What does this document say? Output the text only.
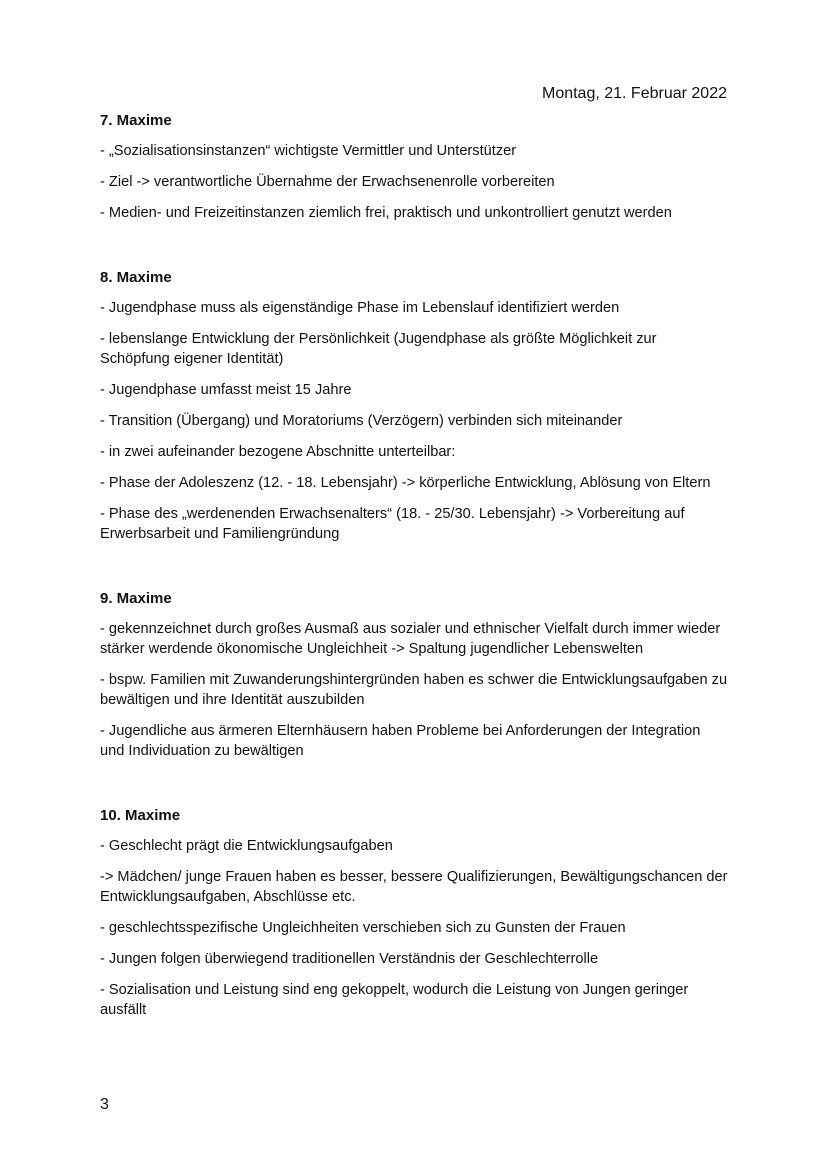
Montag, 21. Februar 2022
7. Maxime
- „Sozialisationsinstanzen“ wichtigste Vermittler und Unterstützer
- Ziel -> verantwortliche Übernahme der Erwachsenenrolle vorbereiten
- Medien- und Freizeitinstanzen ziemlich frei, praktisch und unkontrolliert genutzt werden
8. Maxime
- Jugendphase muss als eigenständige Phase im Lebenslauf identifiziert werden
- lebenslange Entwicklung der Persönlichkeit (Jugendphase als größte Möglichkeit zur Schöpfung eigener Identität)
- Jugendphase umfasst meist 15 Jahre
- Transition (Übergang) und Moratoriums (Verzögern) verbinden sich miteinander
- in zwei aufeinander bezogene Abschnitte unterteilbar:
- Phase der Adoleszenz (12. - 18. Lebensjahr) -> körperliche Entwicklung, Ablösung von Eltern
- Phase des „werdenenden Erwachsenalters“ (18. - 25/30. Lebensjahr) -> Vorbereitung auf Erwerbsarbeit und Familiengründung
9. Maxime
- gekennzeichnet durch großes Ausmaß aus sozialer und ethnischer Vielfalt durch immer wieder stärker werdende ökonomische Ungleichheit -> Spaltung jugendlicher Lebenswelten
- bspw. Familien mit Zuwanderungshintergründen haben es schwer die Entwicklungsaufgaben zu bewältigen und ihre Identität auszubilden
- Jugendliche aus ärmeren Elternhäusern haben Probleme bei Anforderungen der Integration und Individuation zu bewältigen
10. Maxime
- Geschlecht prägt die Entwicklungsaufgaben
-> Mädchen/ junge Frauen haben es besser, bessere Qualifizierungen, Bewältigungschancen der Entwicklungsaufgaben, Abschlüsse etc.
- geschlechtsspezifische Ungleichheiten verschieben sich zu Gunsten der Frauen
- Jungen folgen überwiegend traditionellen Verständnis der Geschlechterrolle
- Sozialisation und Leistung sind eng gekoppelt, wodurch die Leistung von Jungen geringer ausfällt
3
